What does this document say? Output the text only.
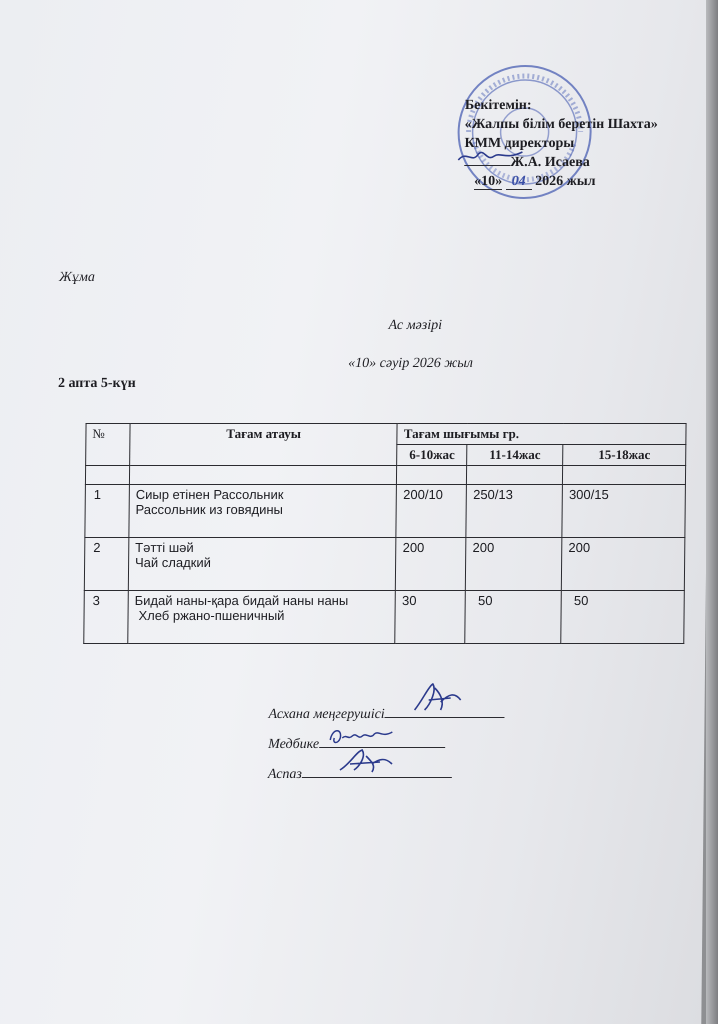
Бекітемін:
«Жалпы білім беретін Шахта»
КММ директоры
Ж.А. Исаева
«10» 04 2026 жыл
Жұма
Ас мәзірі
«10» сәуір 2026 жыл
2 апта 5-күн
№	Тағам атауы	Тағам шығымы гр.		
		6-10жас	11-14жас	15-18жас

1	Сиыр етінен Рассольник
Рассольник из говядины	200/10	250/13	300/15
2	Тәтті шәй
Чай сладкий	200	200	200
3	Бидай наны-қара бидай наны наны
Хлеб ржано-пшеничный	30	50	50
Асхана меңгерушісі
Медбике
Аспаз
